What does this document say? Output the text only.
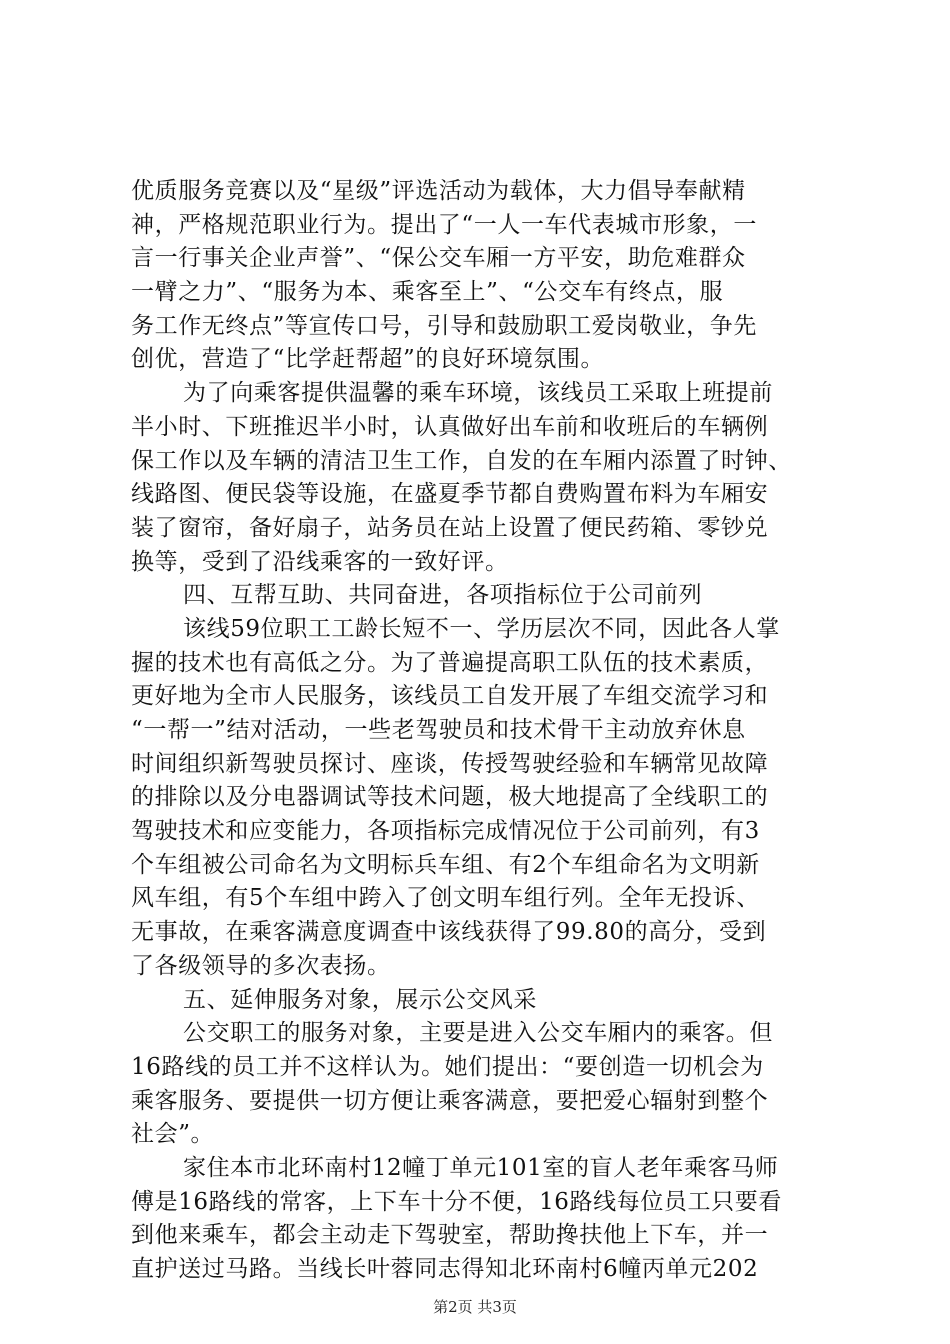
优质服务竞赛以及“星级”评选活动为载体，大力倡导奉献精
神，严格规范职业行为。提出了“一人一车代表城市形象，一
言一行事关企业声誉”、“保公交车厢一方平安，助危难群众
一臂之力”、“服务为本、乘客至上”、“公交车有终点，服
务工作无终点”等宣传口号，引导和鼓励职工爱岗敬业，争先
创优，营造了“比学赶帮超”的良好环境氛围。
为了向乘客提供温馨的乘车环境，该线员工采取上班提前
半小时、下班推迟半小时，认真做好出车前和收班后的车辆例
保工作以及车辆的清洁卫生工作，自发的在车厢内添置了时钟、
线路图、便民袋等设施，在盛夏季节都自费购置布料为车厢安
装了窗帘，备好扇子，站务员在站上设置了便民药箱、零钞兑
换等，受到了沿线乘客的一致好评。
四、互帮互助、共同奋进，各项指标位于公司前列
该线59位职工工龄长短不一、学历层次不同，因此各人掌
握的技术也有高低之分。为了普遍提高职工队伍的技术素质，
更好地为全市人民服务，该线员工自发开展了车组交流学习和
“一帮一”结对活动，一些老驾驶员和技术骨干主动放弃休息
时间组织新驾驶员探讨、座谈，传授驾驶经验和车辆常见故障
的排除以及分电器调试等技术问题，极大地提高了全线职工的
驾驶技术和应变能力，各项指标完成情况位于公司前列，有3
个车组被公司命名为文明标兵车组、有2个车组命名为文明新
风车组，有5个车组中跨入了创文明车组行列。全年无投诉、
无事故，在乘客满意度调查中该线获得了99.80的高分，受到
了各级领导的多次表扬。
五、延伸服务对象，展示公交风采
公交职工的服务对象，主要是进入公交车厢内的乘客。但
16路线的员工并不这样认为。她们提出：“要创造一切机会为
乘客服务、要提供一切方便让乘客满意，要把爱心辐射到整个
社会”。
家住本市北环南村12幢丁单元101室的盲人老年乘客马师
傅是16路线的常客，上下车十分不便，16路线每位员工只要看
到他来乘车，都会主动走下驾驶室，帮助搀扶他上下车，并一
直护送过马路。当线长叶蓉同志得知北环南村6幢丙单元202
第2页 共3页
